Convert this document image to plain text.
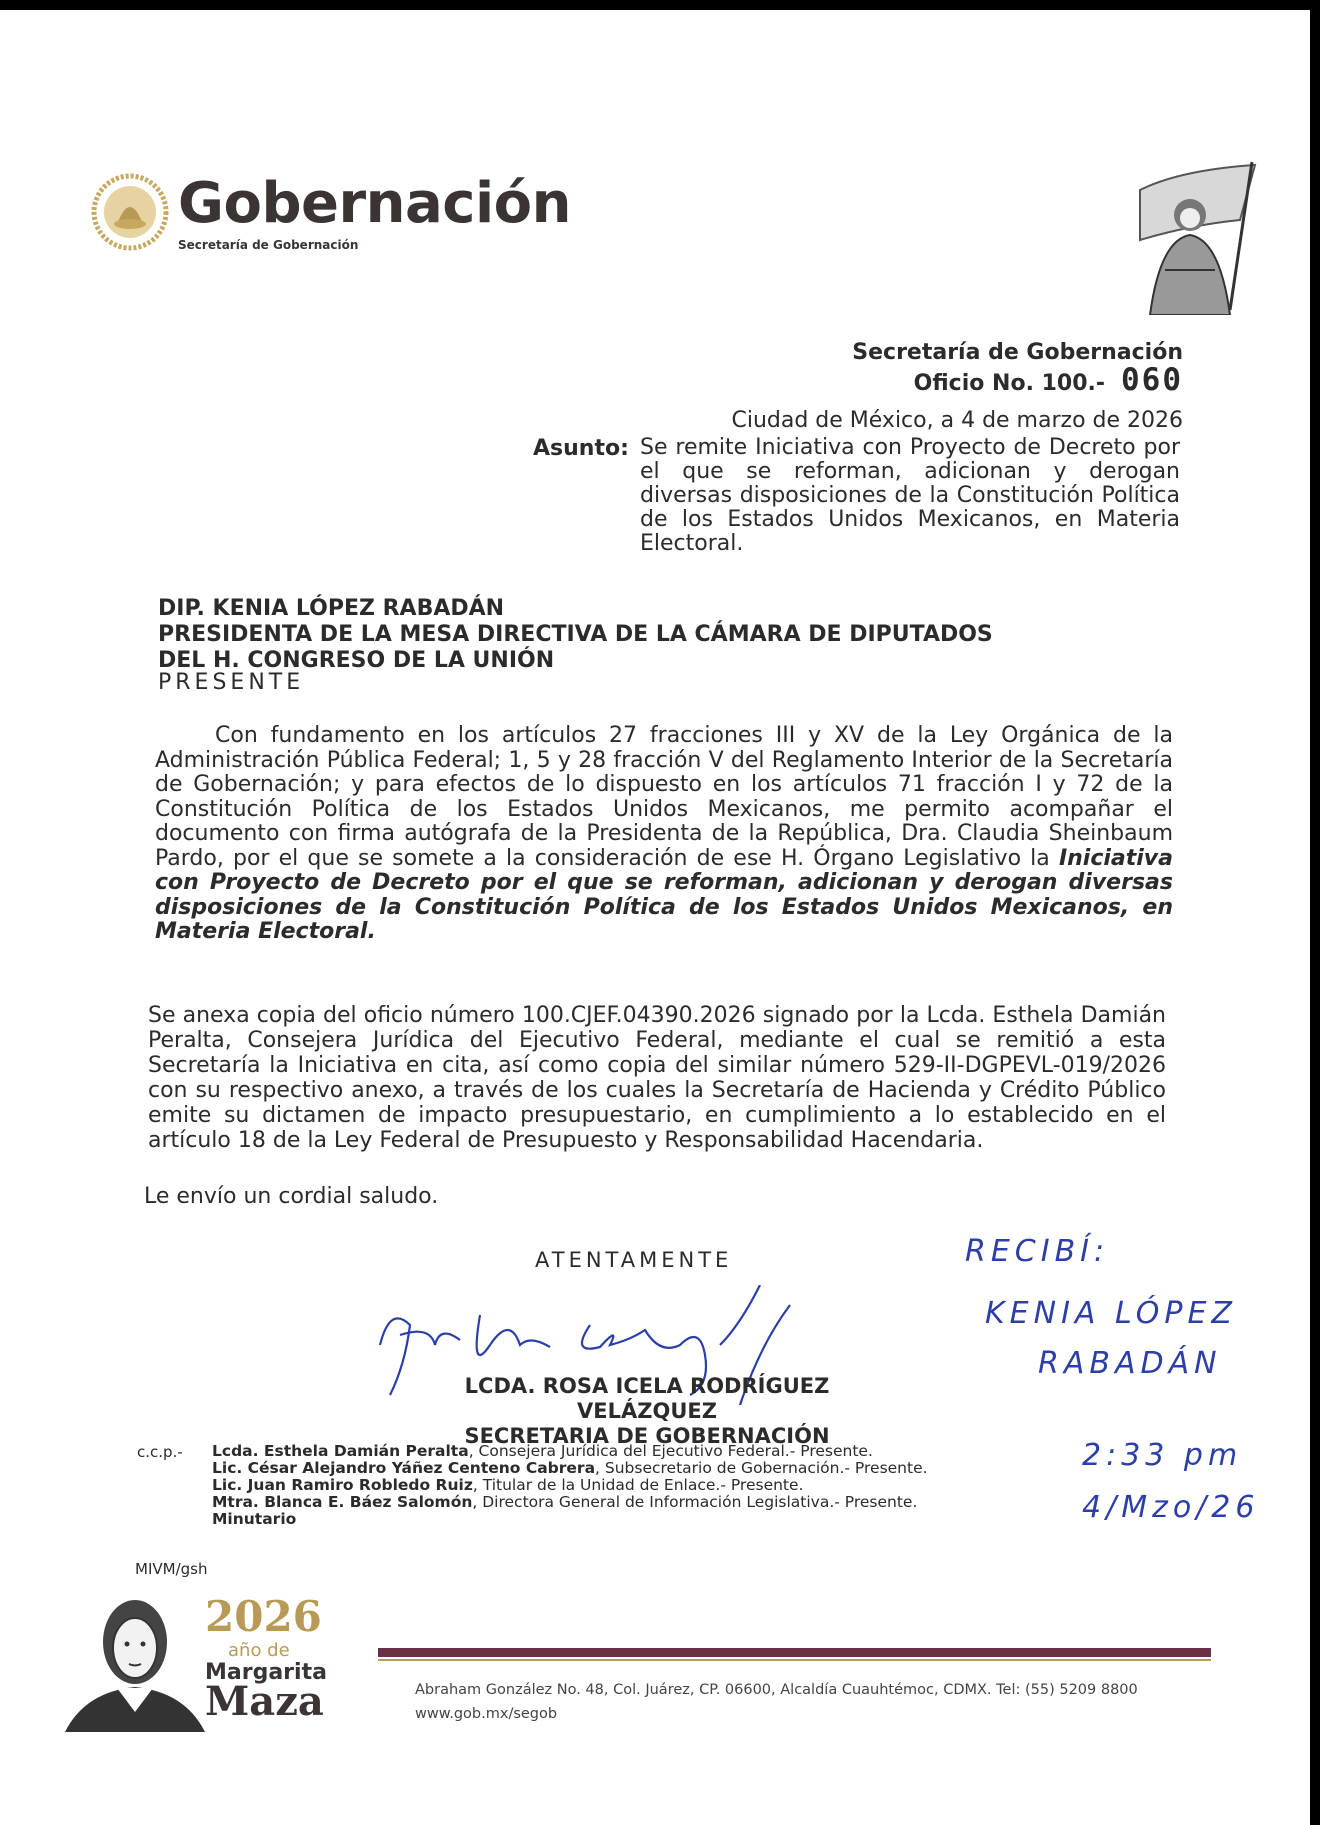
Gobernación
Secretaría de Gobernación
Secretaría de Gobernación
Oficio No. 100.- 060
Ciudad de México, a 4 de marzo de 2026
Asunto: Se remite Iniciativa con Proyecto de Decreto por el que se reforman, adicionan y derogan diversas disposiciones de la Constitución Política de los Estados Unidos Mexicanos, en Materia Electoral.
DIP. KENIA LÓPEZ RABADÁN
PRESIDENTA DE LA MESA DIRECTIVA DE LA CÁMARA DE DIPUTADOS
DEL H. CONGRESO DE LA UNIÓN
PRESENTE
Con fundamento en los artículos 27 fracciones III y XV de la Ley Orgánica de la Administración Pública Federal; 1, 5 y 28 fracción V del Reglamento Interior de la Secretaría de Gobernación; y para efectos de lo dispuesto en los artículos 71 fracción I y 72 de la Constitución Política de los Estados Unidos Mexicanos, me permito acompañar el documento con firma autógrafa de la Presidenta de la República, Dra. Claudia Sheinbaum Pardo, por el que se somete a la consideración de ese H. Órgano Legislativo la Iniciativa con Proyecto de Decreto por el que se reforman, adicionan y derogan diversas disposiciones de la Constitución Política de los Estados Unidos Mexicanos, en Materia Electoral.
Se anexa copia del oficio número 100.CJEF.04390.2026 signado por la Lcda. Esthela Damián Peralta, Consejera Jurídica del Ejecutivo Federal, mediante el cual se remitió a esta Secretaría la Iniciativa en cita, así como copia del similar número 529-II-DGPEVL-019/2026 con su respectivo anexo, a través de los cuales la Secretaría de Hacienda y Crédito Público emite su dictamen de impacto presupuestario, en cumplimiento a lo establecido en el artículo 18 de la Ley Federal de Presupuesto y Responsabilidad Hacendaria.
Le envío un cordial saludo.
ATENTAMENTE
LCDA. ROSA ICELA RODRÍGUEZ VELÁZQUEZ
SECRETARIA DE GOBERNACIÓN
c.c.p.- Lcda. Esthela Damián Peralta, Consejera Jurídica del Ejecutivo Federal.- Presente.
Lic. César Alejandro Yáñez Centeno Cabrera, Subsecretario de Gobernación.- Presente.
Lic. Juan Ramiro Robledo Ruiz, Titular de la Unidad de Enlace.- Presente.
Mtra. Blanca E. Báez Salomón, Directora General de Información Legislativa.- Presente.
Minutario
MIVM/gsh
RECIBÍ:
KENIA LÓPEZ
RABADÁN
2:33 pm
4/Mzo/26
2026
año de
Margarita
Maza	Abraham González No. 48, Col. Juárez, CP. 06600, Alcaldía Cuauhtémoc, CDMX. Tel: (55) 5209 8800
www.gob.mx/segob
